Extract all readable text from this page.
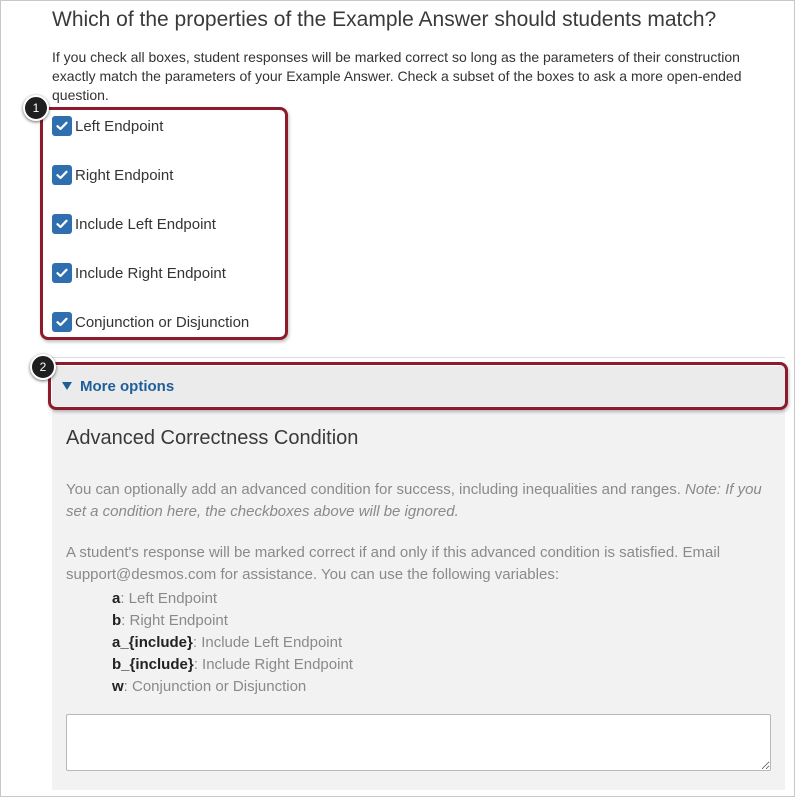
Which of the properties of the Example Answer should students match?

If you check all boxes, student responses will be marked correct so long as the parameters of their construction exactly match the parameters of your Example Answer. Check a subset of the boxes to ask a more open-ended question.

Left Endpoint
Right Endpoint
Include Left Endpoint
Include Right Endpoint
Conjunction or Disjunction
1
More options
2
Advanced Correctness Condition

You can optionally add an advanced condition for success, including inequalities and ranges. Note: If you set a condition here, the checkboxes above will be ignored.

A student's response will be marked correct if and only if this advanced condition is satisfied. Email support@desmos.com for assistance. You can use the following variables:

a: Left Endpoint
b: Right Endpoint
a_{include}: Include Left Endpoint
b_{include}: Include Right Endpoint
w: Conjunction or Disjunction
